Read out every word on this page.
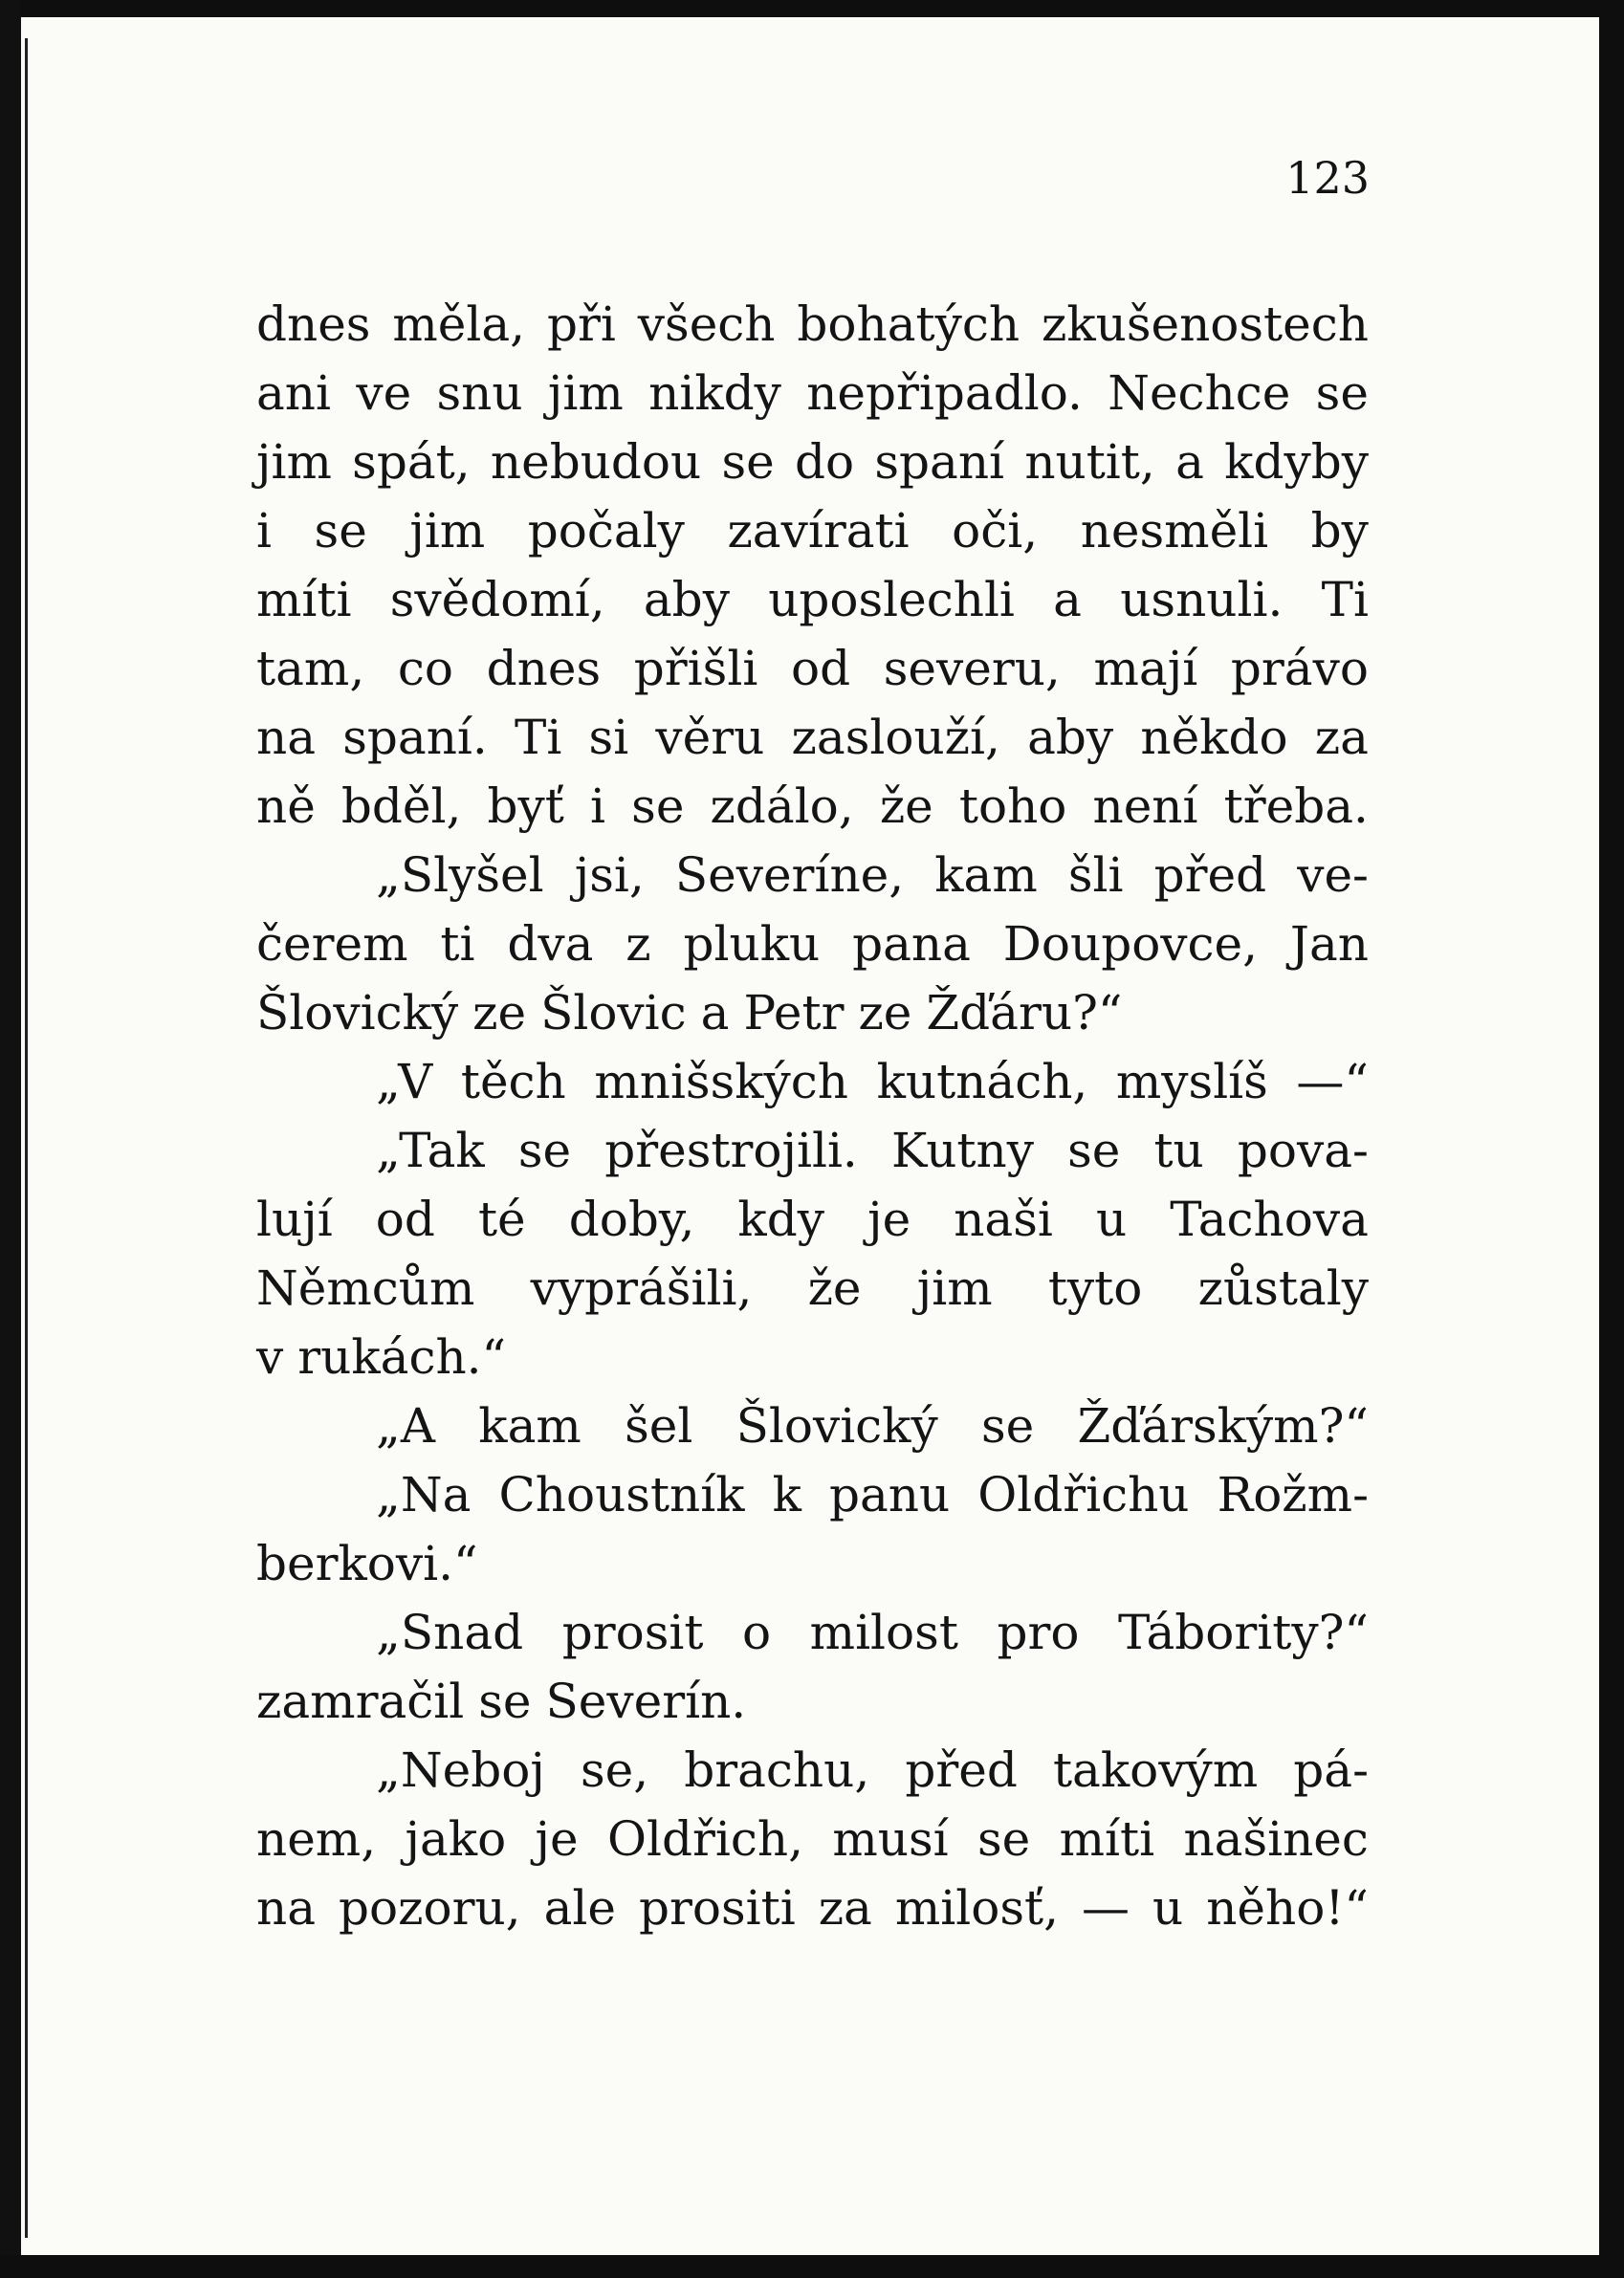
123
dnes měla, při všech bohatých zkušenostech
ani ve snu jim nikdy nepřipadlo. Nechce se
jim spát, nebudou se do spaní nutit, a kdyby
i se jim počaly zavírati oči, nesměli by
míti svědomí, aby uposlechli a usnuli. Ti
tam, co dnes přišli od severu, mají právo
na spaní. Ti si věru zaslouží, aby někdo za
ně bděl, byť i se zdálo, že toho není třeba.
„Slyšel jsi, Severíne, kam šli před ve-
čerem ti dva z pluku pana Doupovce, Jan
Šlovický ze Šlovic a Petr ze Žďáru?“
„V těch mnišských kutnách, myslíš —“
„Tak se přestrojili. Kutny se tu pova-
lují od té doby, kdy je naši u Tachova
Němcům vyprášili, že jim tyto zůstaly
v rukách.“
„A kam šel Šlovický se Žďárským?“
„Na Choustník k panu Oldřichu Rožm-
berkovi.“
„Snad prosit o milost pro Tábority?“
zamračil se Severín.
„Neboj se, brachu, před takovým pá-
nem, jako je Oldřich, musí se míti našinec
na pozoru, ale prositi za milosť, — u něho!“
